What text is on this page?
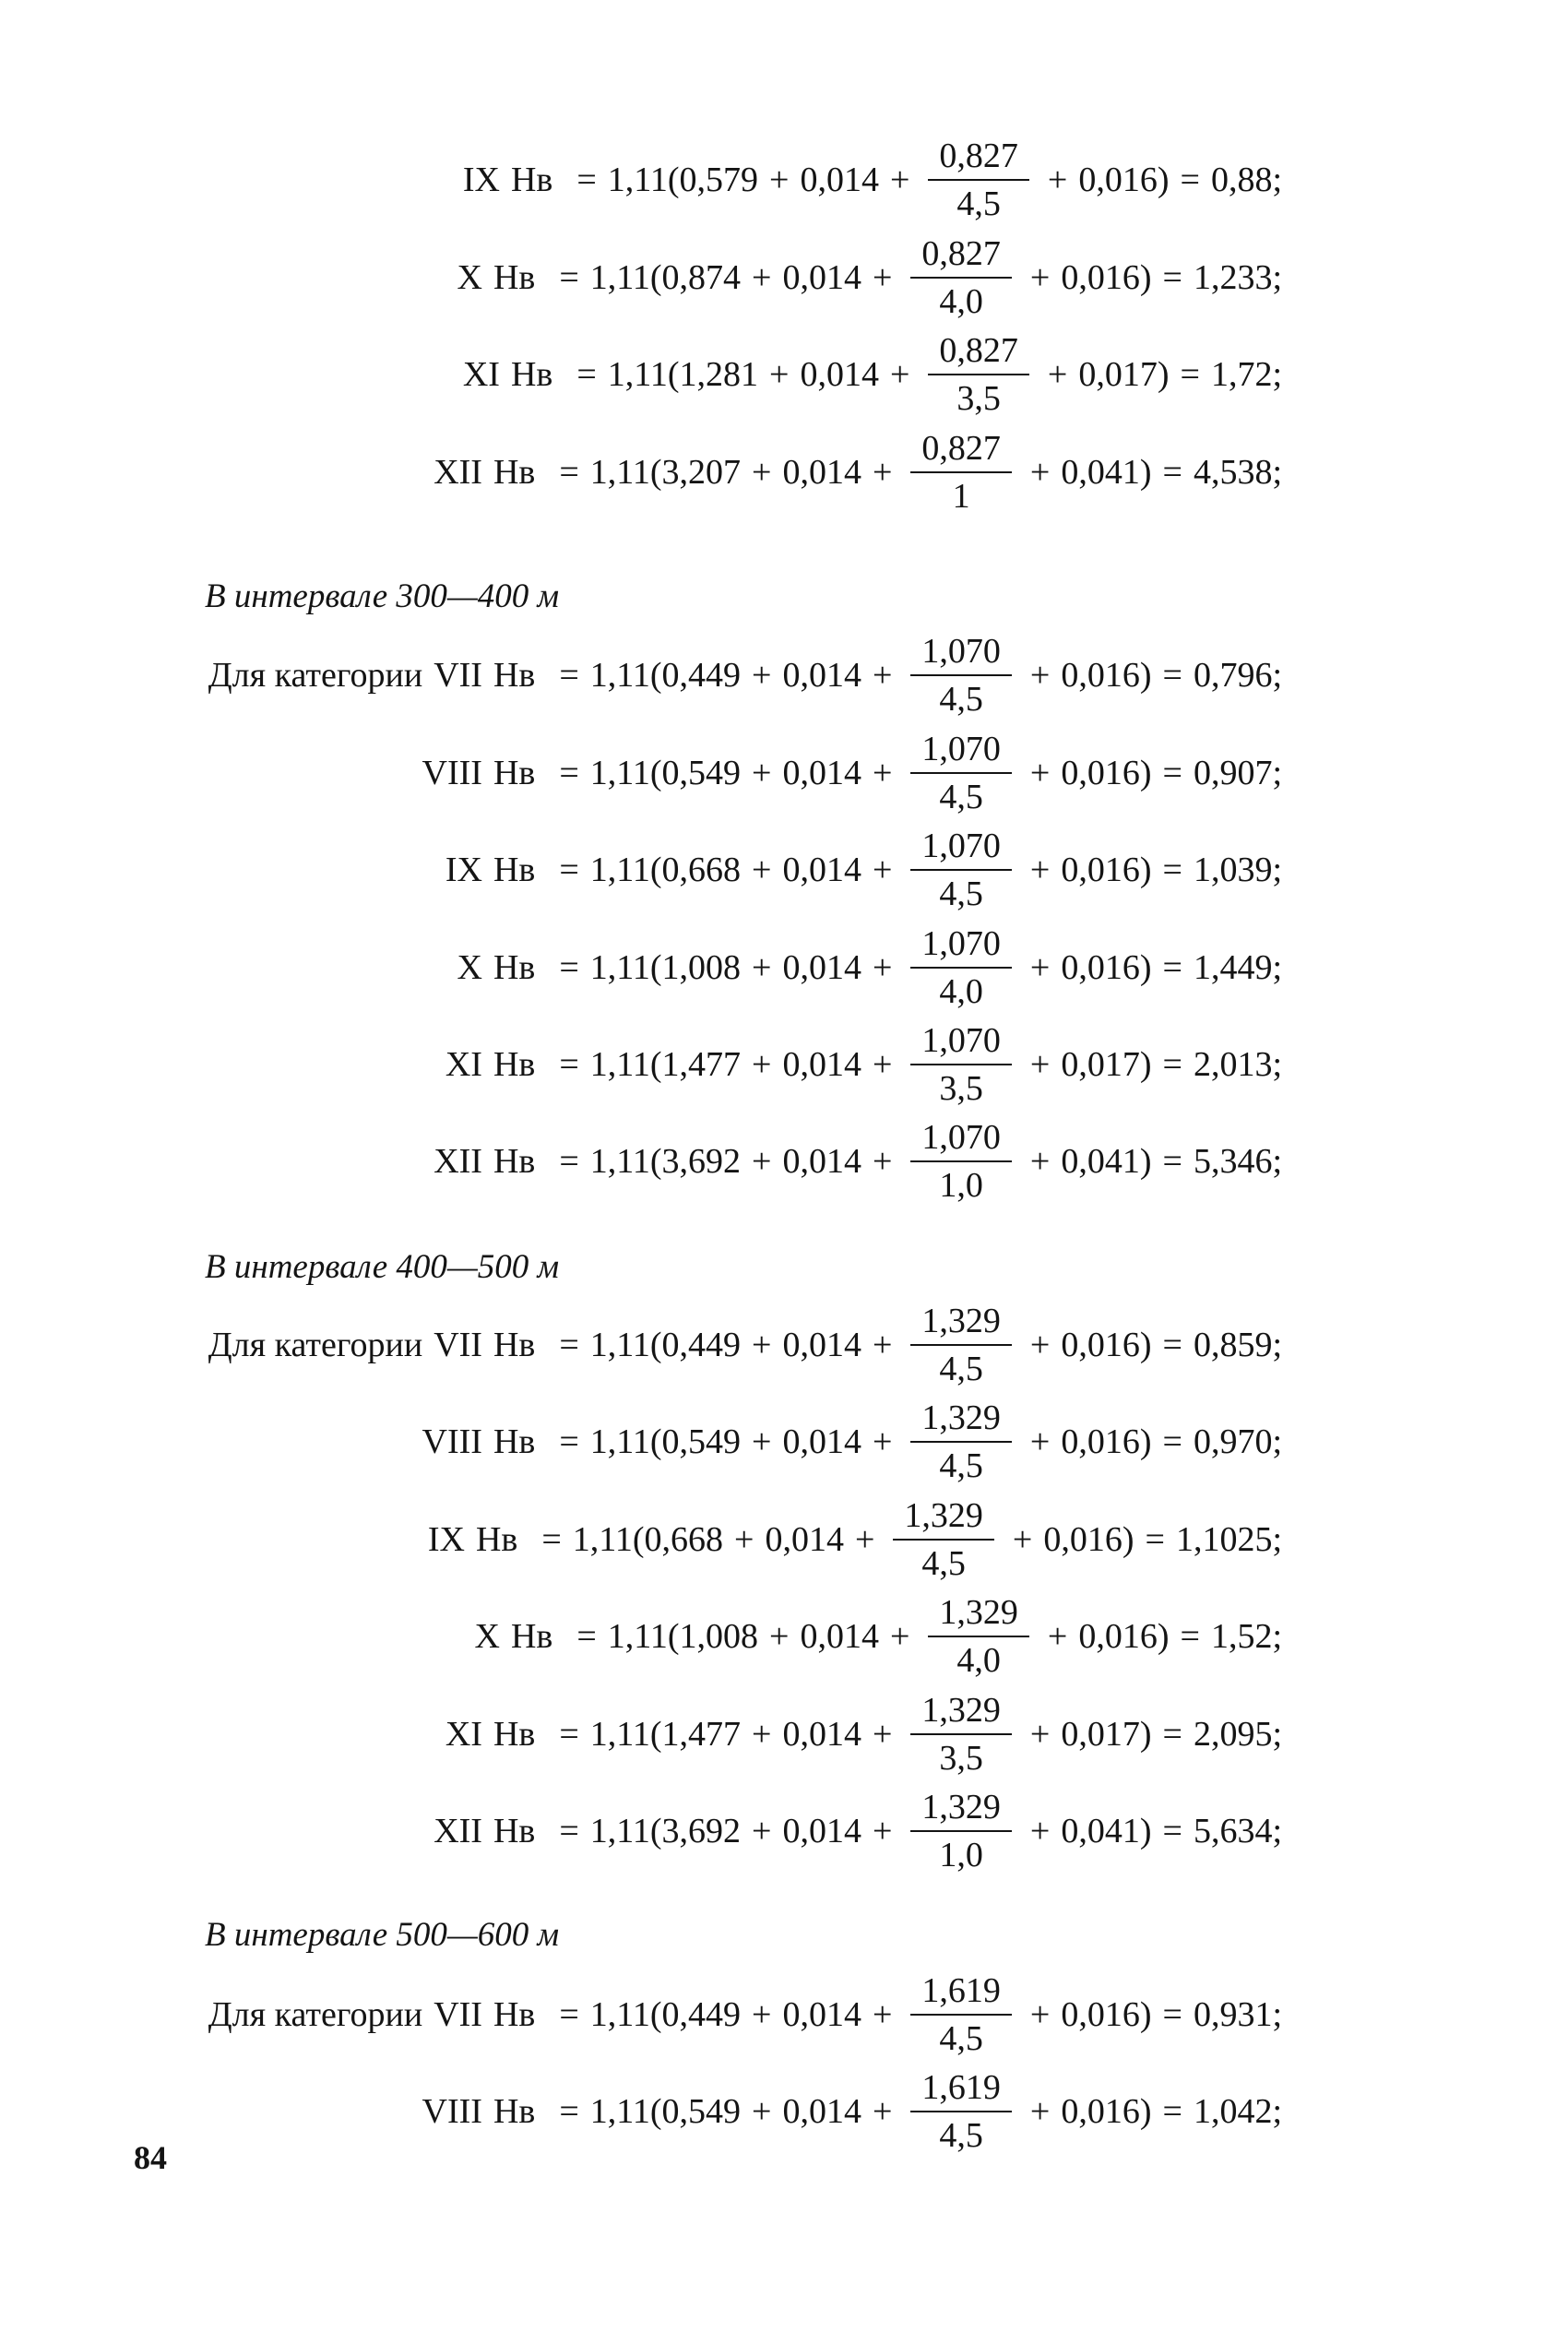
IX Нв = 1,11 ( $0,579 + 0,014 + \frac{0,827}{4,5} + 0,016$ ) = 0,88;
X Нв = 1,11 ( $0,874 + 0,014 + \frac{0,827}{4,0} + 0,016$ ) = 1,233;
XI Нв = 1,11 ( $1,281 + 0,014 + \frac{0,827}{3,5} + 0,017$ ) = 1,72;
XII Нв = 1,11 ( $3,207 + 0,014 + \frac{0,827}{1} + 0,041$ ) = 4,538;
В интервале 300—400 м
Для категории VII Нв = 1,11 ( $0,449 + 0,014 + \frac{1,070}{4,5} + 0,016$ ) = 0,796;
VIII Нв = 1,11 ( $0,549 + 0,014 + \frac{1,070}{4,5} + 0,016$ ) = 0,907;
IX Нв = 1,11 ( $0,668 + 0,014 + \frac{1,070}{4,5} + 0,016$ ) = 1,039;
X Нв = 1,11 ( $1,008 + 0,014 + \frac{1,070}{4,0} + 0,016$ ) = 1,449;
XI Нв = 1,11 ( $1,477 + 0,014 + \frac{1,070}{3,5} + 0,017$ ) = 2,013;
XII Нв = 1,11 ( $3,692 + 0,014 + \frac{1,070}{1,0} + 0,041$ ) = 5,346;
В интервале 400—500 м
Для категории VII Нв = 1,11 ( $0,449 + 0,014 + \frac{1,329}{4,5} + 0,016$ ) = 0,859;
VIII Нв = 1,11 ( $0,549 + 0,014 + \frac{1,329}{4,5} + 0,016$ ) = 0,970;
IX Нв = 1,11 ( $0,668 + 0,014 + \frac{1,329}{4,5} + 0,016$ ) = 1,1025;
X Нв = 1,11 ( $1,008 + 0,014 + \frac{1,329}{4,0} + 0,016$ ) = 1,52;
XI Нв = 1,11 ( $1,477 + 0,014 + \frac{1,329}{3,5} + 0,017$ ) = 2,095;
XII Нв = 1,11 ( $3,692 + 0,014 + \frac{1,329}{1,0} + 0,041$ ) = 5,634;
В интервале 500—600 м
Для категории VII Нв = 1,11 ( $0,449 + 0,014 + \frac{1,619}{4,5} + 0,016$ ) = 0,931;
VIII Нв = 1,11 ( $0,549 + 0,014 + \frac{1,619}{4,5} + 0,016$ ) = 1,042;
84
